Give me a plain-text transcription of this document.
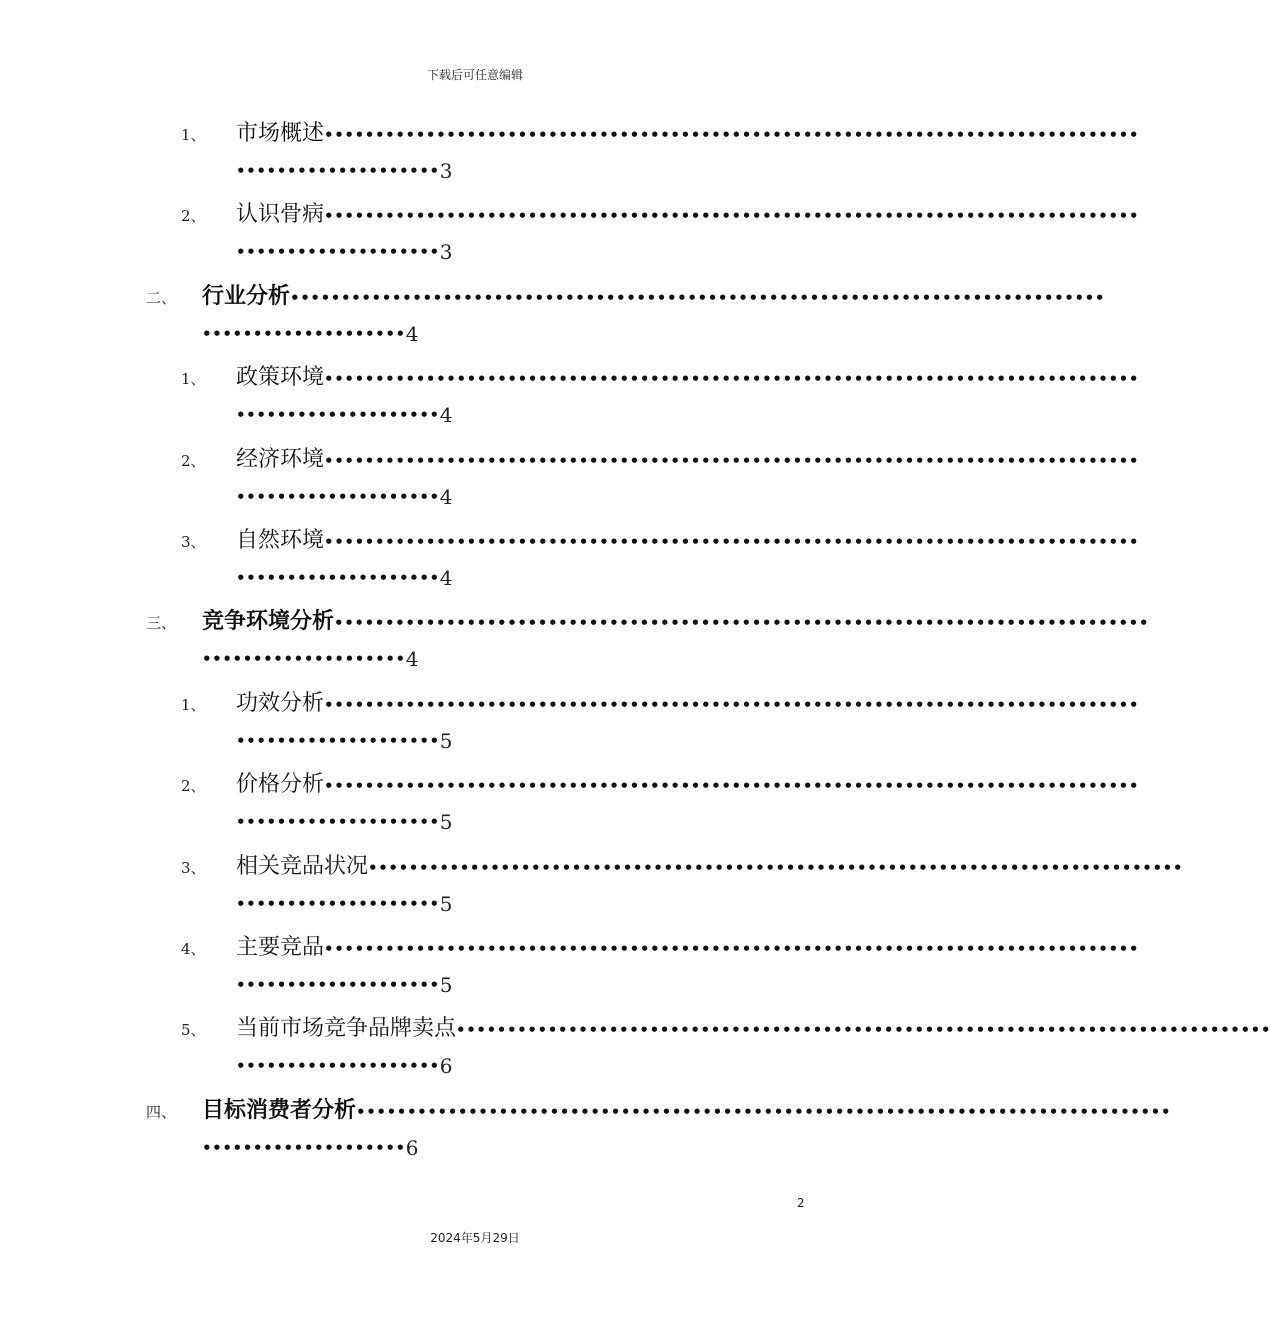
下载后可任意编辑
1、 市场概述 ••••••••••••••••••••••••••••••••••••••••••••••••••••••••••••••••••••••••••••••••
•••••••••••••••••••• 3
2、 认识骨病 ••••••••••••••••••••••••••••••••••••••••••••••••••••••••••••••••••••••••••••••••
•••••••••••••••••••• 3
二、 行业分析 ••••••••••••••••••••••••••••••••••••••••••••••••••••••••••••••••••••••••••••••••
•••••••••••••••••••• 4
1、 政策环境 ••••••••••••••••••••••••••••••••••••••••••••••••••••••••••••••••••••••••••••••••
•••••••••••••••••••• 4
2、 经济环境 ••••••••••••••••••••••••••••••••••••••••••••••••••••••••••••••••••••••••••••••••
•••••••••••••••••••• 4
3、 自然环境 ••••••••••••••••••••••••••••••••••••••••••••••••••••••••••••••••••••••••••••••••
•••••••••••••••••••• 4
三、 竞争环境分析 ••••••••••••••••••••••••••••••••••••••••••••••••••••••••••••••••••••••••••••••••
•••••••••••••••••••• 4
1、 功效分析 ••••••••••••••••••••••••••••••••••••••••••••••••••••••••••••••••••••••••••••••••
•••••••••••••••••••• 5
2、 价格分析 ••••••••••••••••••••••••••••••••••••••••••••••••••••••••••••••••••••••••••••••••
•••••••••••••••••••• 5
3、 相关竞品状况 ••••••••••••••••••••••••••••••••••••••••••••••••••••••••••••••••••••••••••••••••
•••••••••••••••••••• 5
4、 主要竞品 ••••••••••••••••••••••••••••••••••••••••••••••••••••••••••••••••••••••••••••••••
•••••••••••••••••••• 5
5、 当前市场竞争品牌卖点 ••••••••••••••••••••••••••••••••••••••••••••••••••••••••••••••••••••••••••••••••
•••••••••••••••••••• 6
四、 目标消费者分析 ••••••••••••••••••••••••••••••••••••••••••••••••••••••••••••••••••••••••••••••••
•••••••••••••••••••• 6
2
2024年5月29日
